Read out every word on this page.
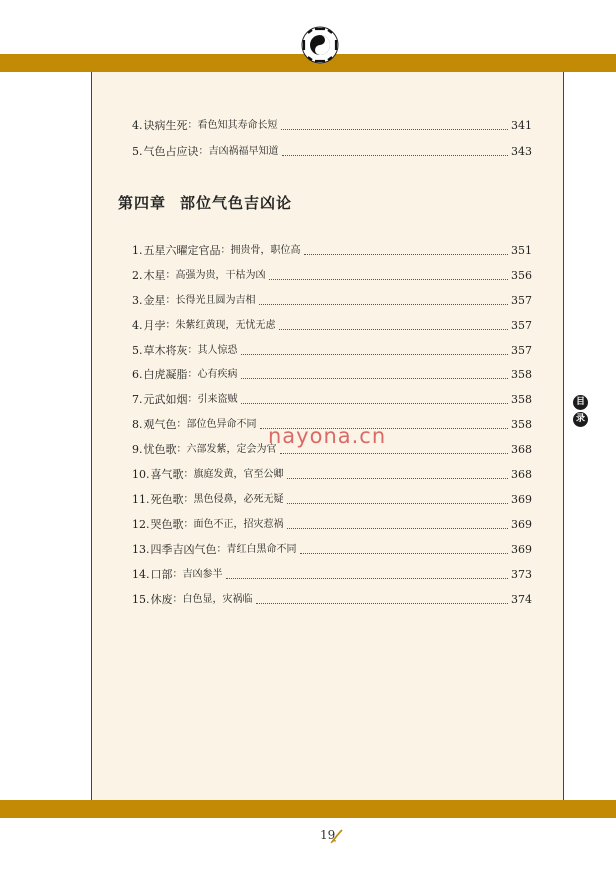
4. 诀病生死 ： 看色知其寿命长短	341
5. 气色占应诀 ： 吉凶祸福早知道	343
第四章 部位气色吉凶论
1. 五星六曜定官品 ： 拥贵骨，职位高	351
2. 木星 ： 高强为贵，干枯为凶	356
3. 金星 ： 长得光且圆为吉相	357
4. 月孛 ： 朱紫红黄现，无忧无虑	357
5. 草木将灰 ： 其人惊恐	357
6. 白虎凝脂 ： 心有疾病	358
7. 元武如烟 ： 引来盗贼	358
8. 观气色 ： 部位色异命不同	358
9. 忧色歌 ： 六部发紫，定会为官	368
10. 喜气歌 ： 旗庭发黄，官至公卿	368
11. 死色歌 ： 黑色侵鼻，必死无疑	369
12. 哭色歌 ： 面色不正，招灾惹祸	369
13. 四季吉凶气色 ： 青红白黑命不同	369
14. 口部 ： 吉凶参半	373
15. 休废 ： 白色显，灾祸临	374
目
录
nayona.cn
19
